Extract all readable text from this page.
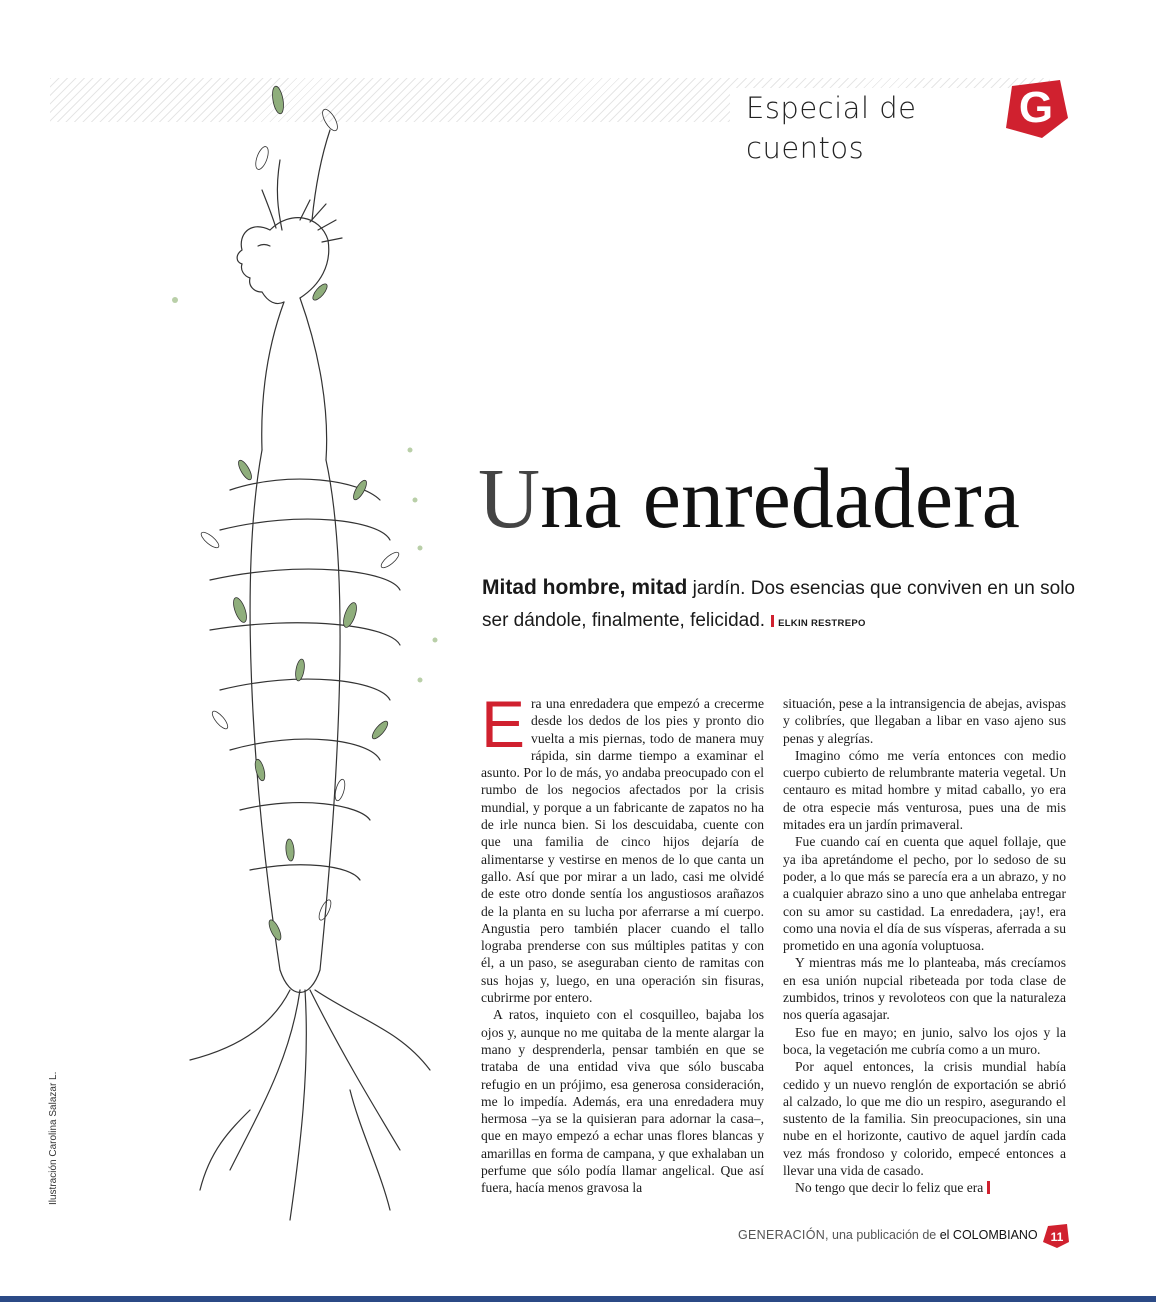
Especial de cuentos
G
Ilustración Carolina Salazar L.
Una enredadera
Mitad hombre, mitad jardín. Dos esencias que conviven en un solo ser dándole, finalmente, felicidad. ELKIN RESTREPO

Era una enredadera que empezó a crecerme desde los dedos de los pies y pronto dio vuelta a mis piernas, todo de manera muy rápida, sin darme tiempo a examinar el asunto. Por lo de más, yo andaba preocupado con el rumbo de los negocios afectados por la crisis mundial, y porque a un fabricante de zapatos no ha de irle nunca bien. Si los descuidaba, cuente con que una familia de cinco hijos dejaría de alimentarse y vestirse en menos de lo que canta un gallo. Así que por mirar a un lado, casi me olvidé de este otro donde sentía los angustiosos arañazos de la planta en su lucha por aferrarse a mí cuerpo. Angustia pero también placer cuando el tallo lograba prenderse con sus múltiples patitas y con él, a un paso, se aseguraban ciento de ramitas con sus hojas y, luego, en una operación sin fisuras, cubrirme por entero.

A ratos, inquieto con el cosquilleo, bajaba los ojos y, aunque no me quitaba de la mente alargar la mano y desprenderla, pensar también en que se trataba de una entidad viva que sólo buscaba refugio en un prójimo, esa generosa consideración, me lo impedía. Además, era una enredadera muy hermosa –ya se la quisieran para adornar la casa–, que en mayo empezó a echar unas flores blancas y amarillas en forma de campana, y que exhalaban un perfume que sólo podía llamar angelical. Que así fuera, hacía menos gravosa la

situación, pese a la intransigencia de abejas, avispas y colibríes, que llegaban a libar en vaso ajeno sus penas y alegrías.

Imagino cómo me vería entonces con medio cuerpo cubierto de relumbrante materia vegetal. Un centauro es mitad hombre y mitad caballo, yo era de otra especie más venturosa, pues una de mis mitades era un jardín primaveral.

Fue cuando caí en cuenta que aquel follaje, que ya iba apretándome el pecho, por lo sedoso de su poder, a lo que más se parecía era a un abrazo, y no a cualquier abrazo sino a uno que anhelaba entregar con su amor su castidad. La enredadera, ¡ay!, era como una novia el día de sus vísperas, aferrada a su prometido en una agonía voluptuosa.

Y mientras más me lo planteaba, más crecíamos en esa unión nupcial ribeteada por toda clase de zumbidos, trinos y revoloteos con que la naturaleza nos quería agasajar.

Eso fue en mayo; en junio, salvo los ojos y la boca, la vegetación me cubría como a un muro.

Por aquel entonces, la crisis mundial había cedido y un nuevo renglón de exportación se abrió al calzado, lo que me dio un respiro, asegurando el sustento de la familia. Sin preocupaciones, sin una nube en el horizonte, cautivo de aquel jardín cada vez más frondoso y colorido, empecé entonces a llevar una vida de casado.

No tengo que decir lo feliz que era

GENERACIÓN, una publicación de el COLOMBIANO 11
